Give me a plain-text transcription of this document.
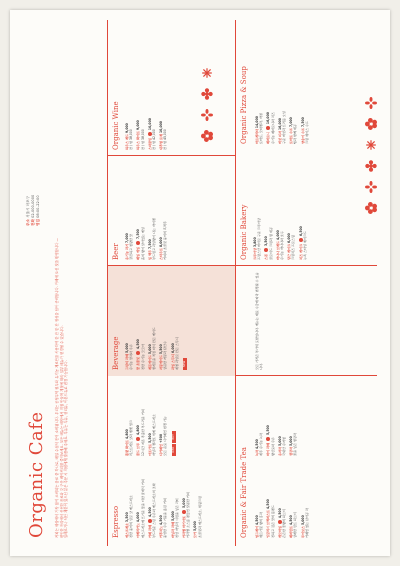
Organic Cafe 커피는 세상에서 가장 많이 소비되는 음료 중 하나로, 매일 수십억 잔이 소비됩니다. 우리는 공정무역 원두와 유기농 재료만을 사용하여 한 잔 한 잔 정성을 담아 준비합니다. 카페에 오신 것을 환영합니다 — 편안한 자리에서 신선한 음료와 갓 구운 베이커리를 즐겨보세요. 모든 메뉴는 매장에서 직접 만들며 계절에 따라 일부 메뉴가 변경될 수 있습니다.
알레르기나 식단 제한이 있으신 분은 주문 시 직원에게 말씀해 주세요. 우유는 두유, 귀리유, 아몬드유로 변경 가능합니다.
주소 서울시 마포구
전화 02-000-0000
영업 08:00–22:00
Espresso 에스프레소 3,500
진한 풍미의 싱글 샷 에스프레소 아메리카노 4,000
에스프레소에 뜨거운 물을 더한 클래식 커피 카페 라떼  4,500
부드러운 스팀 우유와 에스프레소의 조화 카푸치노 4,500
풍성한 우유 거품을 올린 커피 바닐라 라떼 5,000
천연 바닐라 시럽을 넣은 라떼 카라멜 마키아또  5,000
카라멜 소스를 곁들인 달콤한 커피 모카 5,000
초콜릿과 에스프레소, 휘핑크림
플랫 화이트 4,800
리스트레토 샷과 벨벳 밀크 콜드 브루  4,800
12시간 저온 추출한 부드러운 커피 아포가토 5,500
바닐라 젤라또 위에 에스프레소 디카페인 +500
모든 음료 디카페인 변경 가능	ICED HOT
Beverage 그린티 라떼 5,000
유기농 말차와 우유 핫 초콜릿  4,500
진한 유기농 코코아 레몬에이드 5,000
생레몬을 직접 짜서 만든 에이드 자몽에이드 5,500
상큼한 자몽과 탄산수 과일 스무디 6,000
제철 과일로 만든 스무디 NEW
Beer 유기농 라거 7,000
깔끔하고 청량한 맛 페일 에일  7,500
홉의 향이 살아있는 에일 밀 맥주 7,500
부드럽고 과일향이 나는 바이젠 스타우트 8,000
커피와 초콜릿 풍미의 흑맥주
Organic Wine 하우스 레드 9,000
잔 / 병 38,000 하우스 화이트 9,000
잔 / 병 38,000 스파클링  10,000
잔 / 병 42,000 내추럴 로제 10,000
잔 / 병 45,000

Organic Bakery 크루아상 3,800
프랑스산 버터로 구운 크루아상 스콘  3,500
클로티드 크림과 잼 제공 바나나 브레드 4,000
유기농 바나나와 호두 당근 케이크 6,000
크림치즈 프로스팅 치즈 케이크  6,500
뉴욕 스타일 베이크드
Organic & Fair Trade Tea 얼그레이 4,500
베르가못 향의 홍차 잉글리시 브렉퍼스트 4,500
진하고 깊은 맛의 블렌드 캐모마일  4,500
은은한 꽃향의 허브티 페퍼민트 4,500
상쾌한 민트 허브티 루이보스 5,000
카페인 없는 남아공 차
녹차 4,500
제주 유기농 녹차 짜이 라떼  5,500
향신료와 우유 유자차 5,000
국내산 유자청 생강차 5,000
꿀을 넣은 생강차
모든 가격은 부가세 포함입니다. 메뉴는 재료 수급에 따라 변경될 수 있습니다.
Organic Pizza & Soup 마르게리타 14,000
토마토, 모짜렐라, 바질 페퍼로니  16,000
유기농 페퍼로니와 치즈 버섯 피자 16,000
구운 버섯과 트러플 오일 토마토 수프 7,000
빵과 함께 제공 양송이 수프 7,500
크림 베이스 수프
